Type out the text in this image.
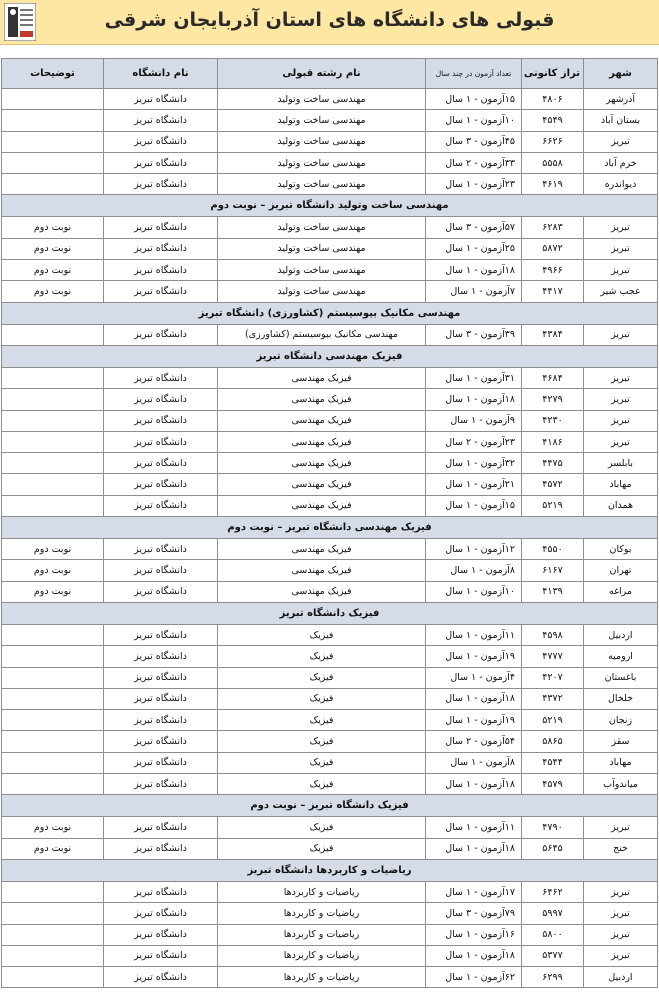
قبولی های دانشگاه های استان آذربایجان شرقی
شهر	تراز کانونی	تعداد آزمون در چند سال	نام رشته قبولی	نام دانشگاه	توضیحات
آذرشهر	۴۸۰۶	۱۵آزمون - ۱ سال	مهندسی ساخت وتولید	دانشگاه تبریز	
بستان آباد	۴۵۴۹	۱۰آزمون - ۱ سال	مهندسی ساخت وتولید	دانشگاه تبریز	
تبریز	۶۶۲۶	۴۵آزمون - ۳ سال	مهندسی ساخت وتولید	دانشگاه تبریز	
خرم آباد	۵۵۵۸	۳۳آزمون - ۲ سال	مهندسی ساخت وتولید	دانشگاه تبریز	
دیواندره	۴۶۱۹	۲۳آزمون - ۱ سال	مهندسی ساخت وتولید	دانشگاه تبریز	
مهندسی ساخت وتولید دانشگاه تبریز – نوبت دوم					
تبریز	۶۲۸۳	۵۷آزمون - ۳ سال	مهندسی ساخت وتولید	دانشگاه تبریز	نوبت دوم
تبریز	۵۸۷۲	۲۵آزمون - ۱ سال	مهندسی ساخت وتولید	دانشگاه تبریز	نوبت دوم
تبریز	۴۹۶۶	۱۸آزمون - ۱ سال	مهندسی ساخت وتولید	دانشگاه تبریز	نوبت دوم
عجب شیر	۴۴۱۷	۷آزمون - ۱ سال	مهندسی ساخت وتولید	دانشگاه تبریز	نوبت دوم
مهندسی مکانیک بیوسیستم (کشاورزی) دانشگاه تبریز					
تبریز	۴۳۸۴	۳۹آزمون - ۳ سال	مهندسی مکانیک بیوسیستم (کشاورزی)	دانشگاه تبریز	
فیزیک مهندسی دانشگاه تبریز					
تبریز	۴۶۸۴	۳۱آزمون - ۱ سال	فیزیک مهندسی	دانشگاه تبریز	
تبریز	۴۲۷۹	۱۸آزمون - ۱ سال	فیزیک مهندسی	دانشگاه تبریز	
تبریز	۴۲۳۰	۹آزمون - ۱ سال	فیزیک مهندسی	دانشگاه تبریز	
تبریز	۴۱۸۶	۲۳آزمون - ۲ سال	فیزیک مهندسی	دانشگاه تبریز	
بابلسر	۴۴۷۵	۳۲آزمون - ۱ سال	فیزیک مهندسی	دانشگاه تبریز	
مهاباد	۴۵۷۲	۲۱آزمون - ۱ سال	فیزیک مهندسی	دانشگاه تبریز	
همدان	۵۲۱۹	۱۵آزمون - ۱ سال	فیزیک مهندسی	دانشگاه تبریز	
فیزیک مهندسی دانشگاه تبریز – نوبت دوم					
بوکان	۴۵۵۰	۱۲آزمون - ۱ سال	فیزیک مهندسی	دانشگاه تبریز	نوبت دوم
تهران	۶۱۶۷	۸آزمون - ۱ سال	فیزیک مهندسی	دانشگاه تبریز	نوبت دوم
مراغه	۴۱۳۹	۱۰آزمون - ۱ سال	فیزیک مهندسی	دانشگاه تبریز	نوبت دوم
فیزیک دانشگاه تبریز					
اردبیل	۴۵۹۸	۱۱آزمون - ۱ سال	فیزیک	دانشگاه تبریز	
ارومیه	۴۷۷۷	۱۹آزمون - ۱ سال	فیزیک	دانشگاه تبریز	
باغستان	۴۲۰۷	۴آزمون - ۱ سال	فیزیک	دانشگاه تبریز	
خلخال	۴۳۷۲	۱۸آزمون - ۱ سال	فیزیک	دانشگاه تبریز	
زنجان	۵۲۱۹	۱۹آزمون - ۱ سال	فیزیک	دانشگاه تبریز	
سقز	۵۸۶۵	۵۴آزمون - ۲ سال	فیزیک	دانشگاه تبریز	
مهاباد	۴۵۴۴	۸آزمون - ۱ سال	فیزیک	دانشگاه تبریز	
میاندوآب	۴۵۷۹	۱۸آزمون - ۱ سال	فیزیک	دانشگاه تبریز	
فیزیک دانشگاه تبریز – نوبت دوم					
تبریز	۴۷۹۰	۱۱آزمون - ۱ سال	فیزیک	دانشگاه تبریز	نوبت دوم
خنج	۵۶۴۵	۱۸آزمون - ۱ سال	فیزیک	دانشگاه تبریز	نوبت دوم
ریاضیات و کاربردها دانشگاه تبریز					
تبریز	۶۴۶۲	۱۷آزمون - ۱ سال	ریاضیات و کاربردها	دانشگاه تبریز	
تبریز	۵۹۹۷	۷۹آزمون - ۳ سال	ریاضیات و کاربردها	دانشگاه تبریز	
تبریز	۵۸۰۰	۱۶آزمون - ۱ سال	ریاضیات و کاربردها	دانشگاه تبریز	
تبریز	۵۳۷۷	۱۸آزمون - ۱ سال	ریاضیات و کاربردها	دانشگاه تبریز	
اردبیل	۶۲۹۹	۶۲آزمون - ۱ سال	ریاضیات و کاربردها	دانشگاه تبریز	
